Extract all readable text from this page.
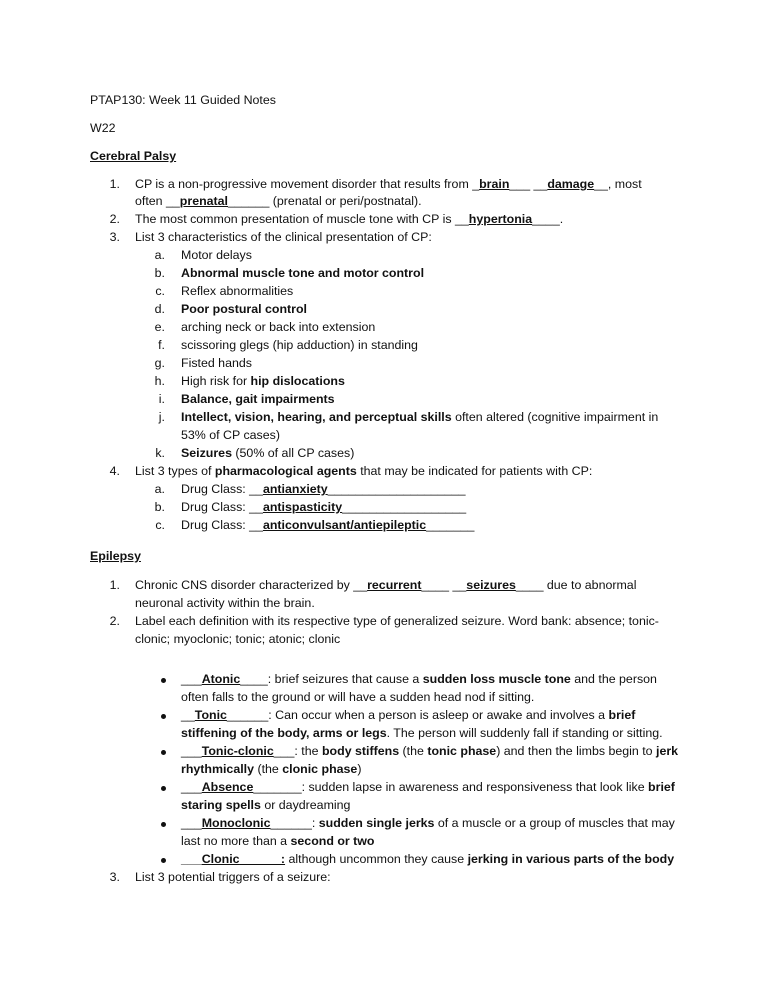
PTAP130: Week 11 Guided Notes
W22
Cerebral Palsy
1. CP is a non-progressive movement disorder that results from _brain___ __damage__, most
often __prenatal______ (prenatal or peri/postnatal).
2. The most common presentation of muscle tone with CP is __hypertonia____.
3. List 3 characteristics of the clinical presentation of CP:
a. Motor delays
b. Abnormal muscle tone and motor control
c. Reflex abnormalities
d. Poor postural control
e. arching neck or back into extension
f. scissoring glegs (hip adduction) in standing
g. Fisted hands
h. High risk for hip dislocations
i. Balance, gait impairments
j. Intellect, vision, hearing, and perceptual skills often altered (cognitive impairment in
53% of CP cases)
k. Seizures (50% of all CP cases)
4. List 3 types of pharmacological agents that may be indicated for patients with CP:
a. Drug Class: __antianxiety____________________
b. Drug Class: __antispasticity__________________
c. Drug Class: __anticonvulsant/antiepileptic_______
Epilepsy
1. Chronic CNS disorder characterized by __recurrent____ __seizures____ due to abnormal
neuronal activity within the brain.
2. Label each definition with its respective type of generalized seizure. Word bank: absence; tonic-
clonic; myoclonic; tonic; atonic; clonic
___Atonic____: brief seizures that cause a sudden loss muscle tone and the person
often falls to the ground or will have a sudden head nod if sitting.
__Tonic______: Can occur when a person is asleep or awake and involves a brief
stiffening of the body, arms or legs. The person will suddenly fall if standing or sitting.
___Tonic-clonic___: the body stiffens (the tonic phase) and then the limbs begin to jerk
rhythmically (the clonic phase)
___Absence_______: sudden lapse in awareness and responsiveness that look like brief
staring spells or daydreaming
___Monoclonic______: sudden single jerks of a muscle or a group of muscles that may
last no more than a second or two
___Clonic______: although uncommon they cause jerking in various parts of the body
3. List 3 potential triggers of a seizure:
